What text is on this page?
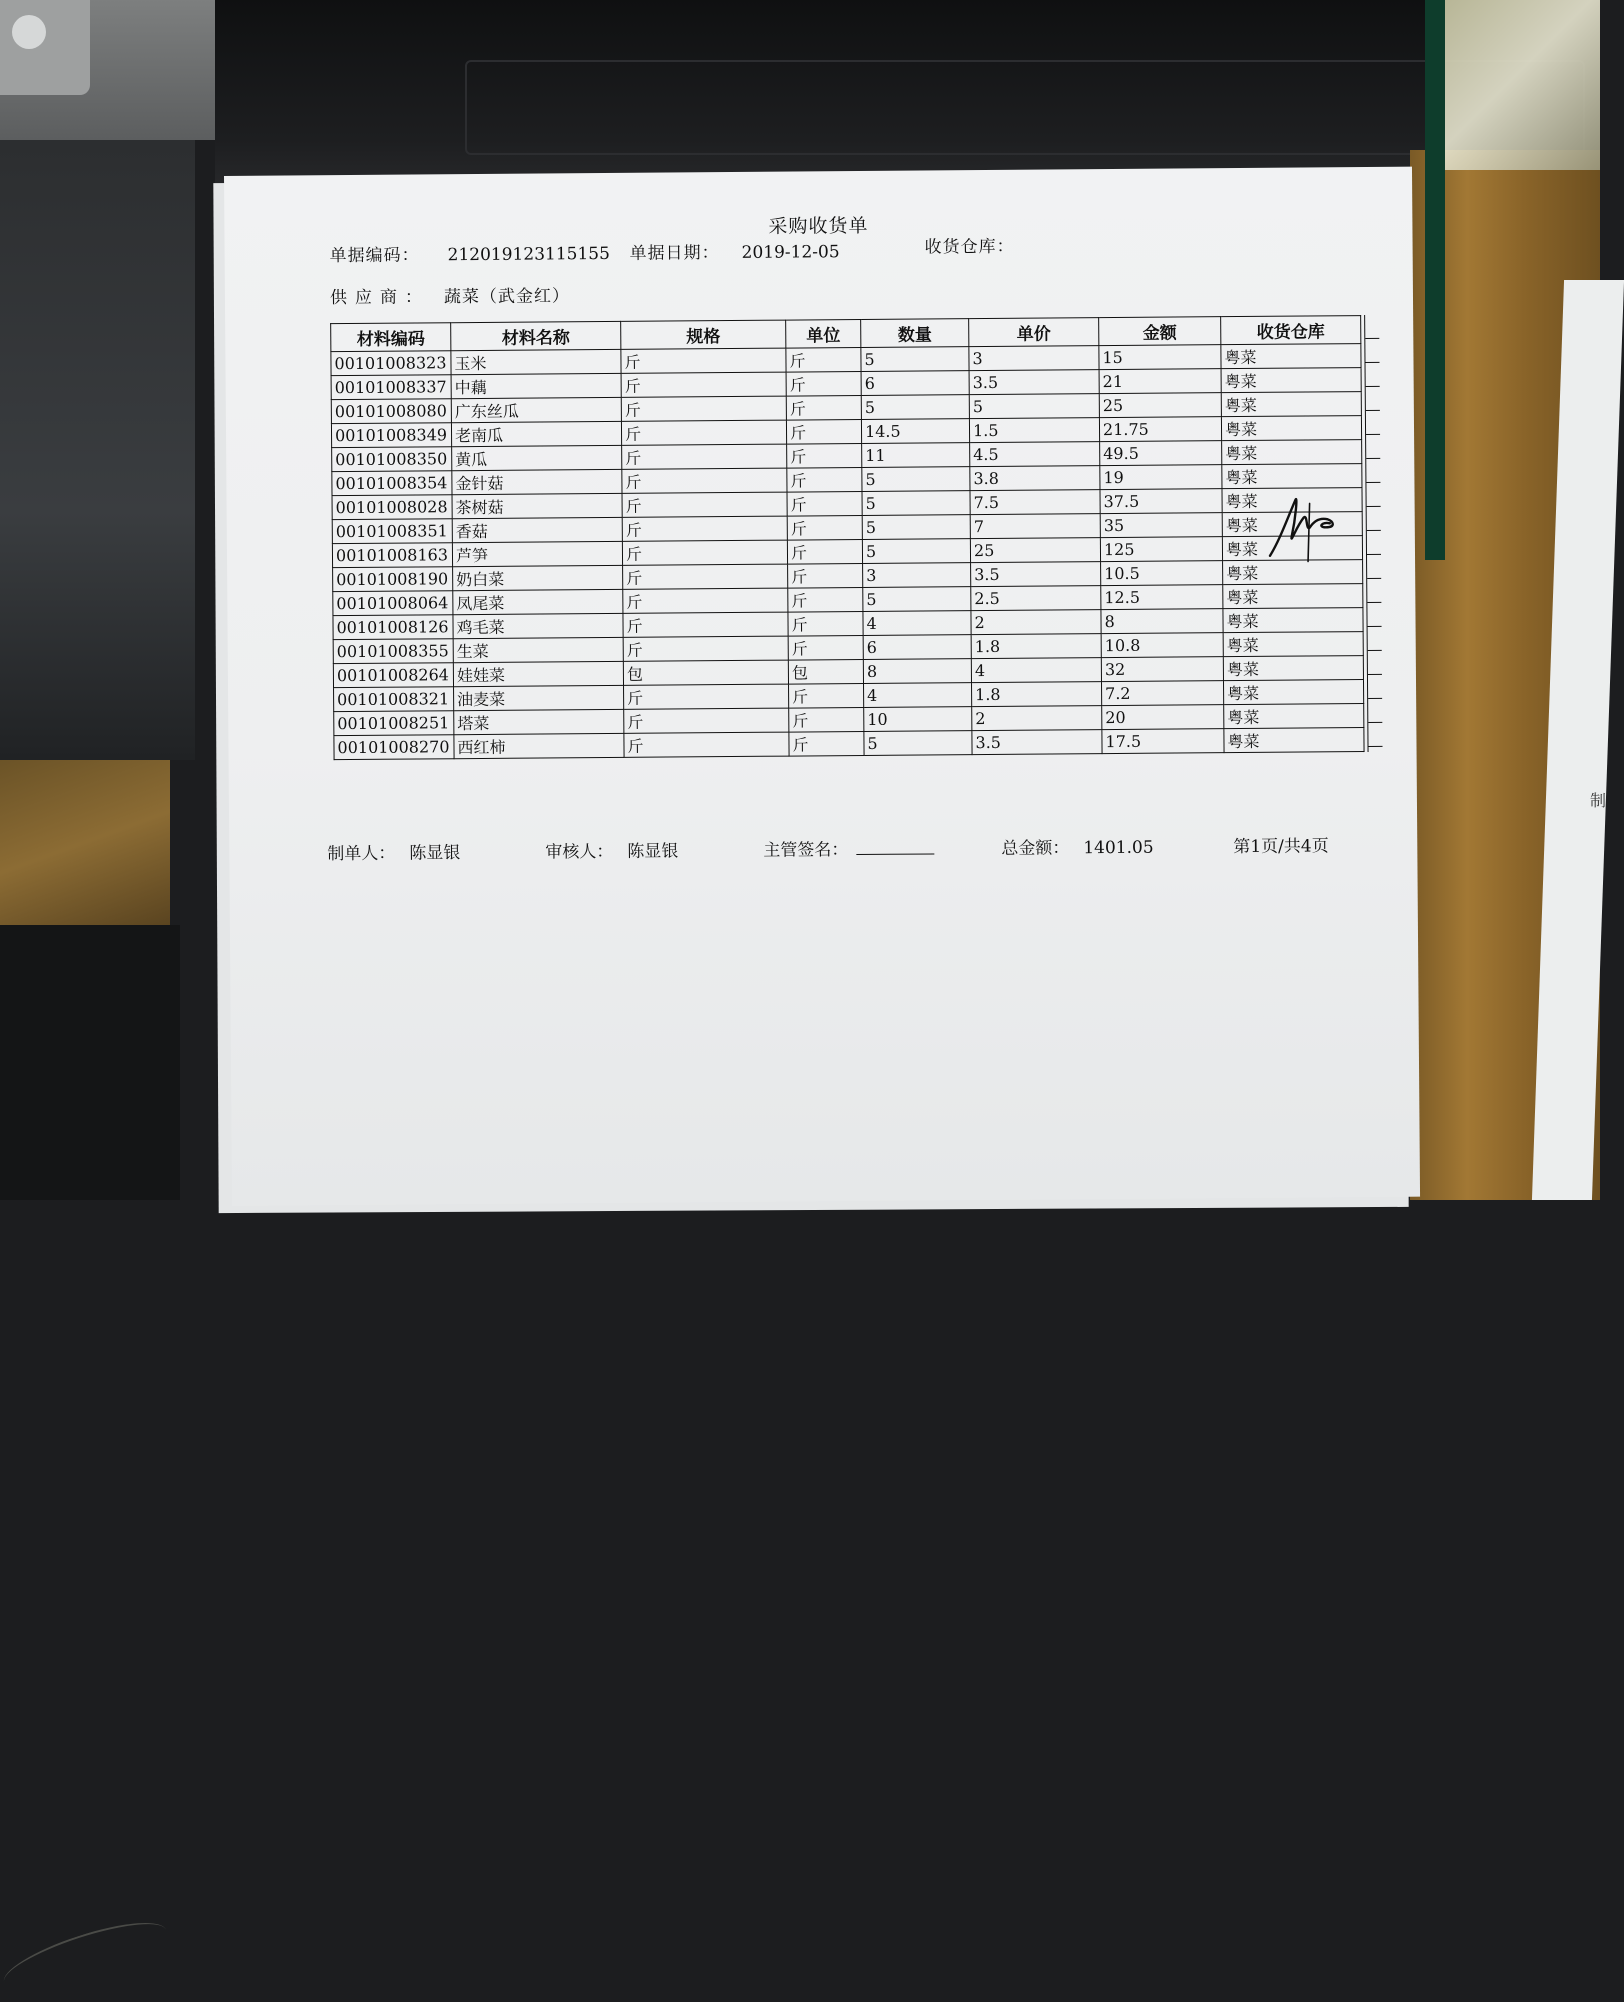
制
采购收货单
单据编码： 212019123115155 单据日期： 2019-12-05	收货仓库：
供应商： 蔬菜（武金红）
材料编码	材料名称	规格	单位	数量	单价	金额	收货仓库
00101008323	玉米	斤	斤	5	3	15	粤菜
00101008337	中藕	斤	斤	6	3.5	21	粤菜
00101008080	广东丝瓜	斤	斤	5	5	25	粤菜
00101008349	老南瓜	斤	斤	14.5	1.5	21.75	粤菜
00101008350	黄瓜	斤	斤	11	4.5	49.5	粤菜
00101008354	金针菇	斤	斤	5	3.8	19	粤菜
00101008028	茶树菇	斤	斤	5	7.5	37.5	粤菜
00101008351	香菇	斤	斤	5	7	35	粤菜
00101008163	芦笋	斤	斤	5	25	125	粤菜
00101008190	奶白菜	斤	斤	3	3.5	10.5	粤菜
00101008064	凤尾菜	斤	斤	5	2.5	12.5	粤菜
00101008126	鸡毛菜	斤	斤	4	2	8	粤菜
00101008355	生菜	斤	斤	6	1.8	10.8	粤菜
00101008264	娃娃菜	包	包	8	4	32	粤菜
00101008321	油麦菜	斤	斤	4	1.8	7.2	粤菜
00101008251	塔菜	斤	斤	10	2	20	粤菜
00101008270	西红柿	斤	斤	5	3.5	17.5	粤菜
制单人： 陈显银	审核人： 陈显银	主管签名：	总金额： 1401.05	第1页/共4页
